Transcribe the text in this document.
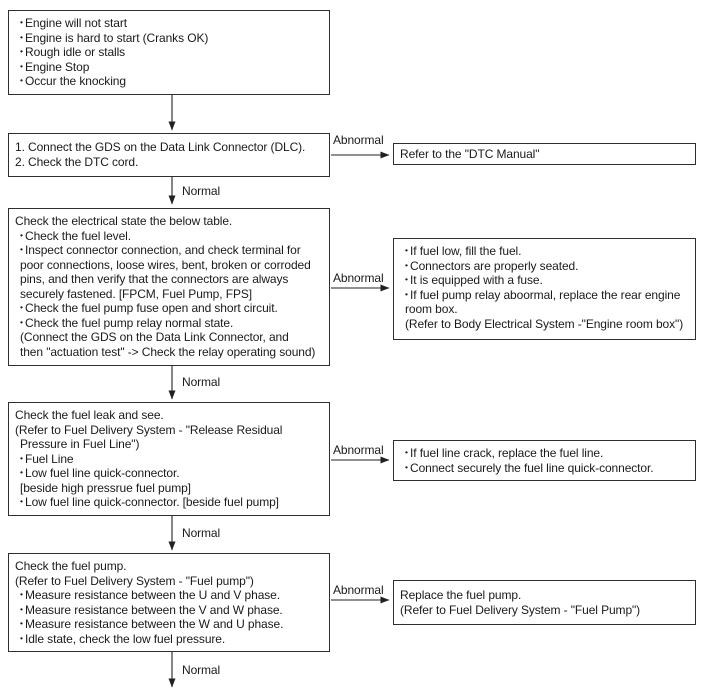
• Engine will not start
• Engine is hard to start (Cranks OK)
• Rough idle or stalls
• Engine Stop
• Occur the knocking
1. Connect the GDS on the Data Link Connector (DLC).
2. Check the DTC cord.
Check the electrical state the below table.
• Check the fuel level.
• Inspect connector connection, and check terminal for
poor connections, loose wires, bent, broken or corroded
pins, and then verify that the connectors are always
securely fastened. [FPCM, Fuel Pump, FPS]
• Check the fuel pump fuse open and short circuit.
• Check the fuel pump relay normal state.
(Connect the GDS on the Data Link Connector, and
then "actuation test" -> Check the relay operating sound)
Check the fuel leak and see.
(Refer to Fuel Delivery System - "Release Residual
Pressure in Fuel Line")
• Fuel Line
• Low fuel line quick-connector.
[beside high pressrue fuel pump]
• Low fuel line quick-connector. [beside fuel pump]
Check the fuel pump.
(Refer to Fuel Delivery System - "Fuel pump")
• Measure resistance between the U and V phase.
• Measure resistance between the V and W phase.
• Measure resistance between the W and U phase.
• Idle state, check the low fuel pressure.
Refer to the "DTC Manual"
• If fuel low, fill the fuel.
• Connectors are properly seated.
• It is equipped with a fuse.
• If fuel pump relay aboormal, replace the rear engine
room box.
(Refer to Body Electrical System -"Engine room box")
• If fuel line crack, replace the fuel line.
• Connect securely the fuel line quick-connector.
Replace the fuel pump.
(Refer to Fuel Delivery System - "Fuel Pump")
Normal
Normal
Normal
Normal
Abnormal
Abnormal
Abnormal
Abnormal
